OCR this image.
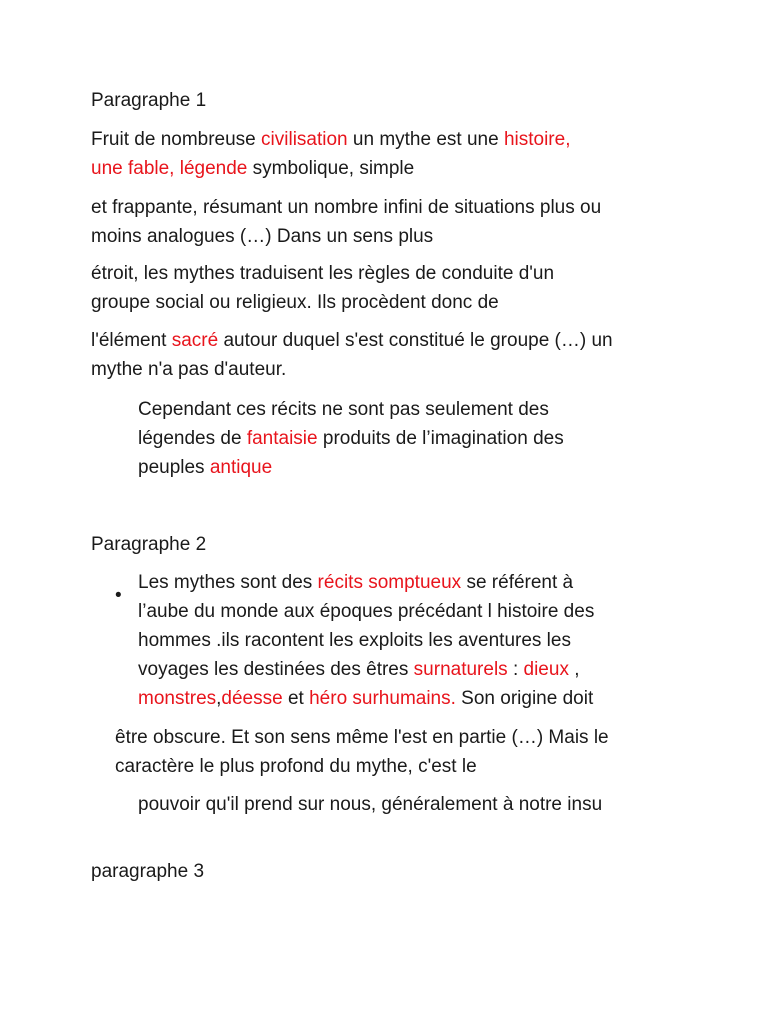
Paragraphe 1
Fruit de nombreuse civilisation un mythe est une histoire,
une fable, légende symbolique, simple
et frappante, résumant un nombre infini de situations plus ou
moins analogues (…) Dans un sens plus
étroit, les mythes traduisent les règles de conduite d'un
groupe social ou religieux. Ils procèdent donc de
l'élément sacré autour duquel s'est constitué le groupe (…) un
mythe n'a pas d'auteur.
Cependant ces récits ne sont pas seulement des
légendes de fantaisie produits de l’imagination des
peuples antique
Paragraphe 2
•
Les mythes sont des récits somptueux se référent à
l’aube du monde aux époques précédant l histoire des
hommes .ils racontent les exploits les aventures les
voyages les destinées des êtres surnaturels : dieux ,
monstres,déesse et héro surhumains. Son origine doit
être obscure. Et son sens même l'est en partie (…) Mais le
caractère le plus profond du mythe, c'est le
pouvoir qu'il prend sur nous, généralement à notre insu
paragraphe 3
